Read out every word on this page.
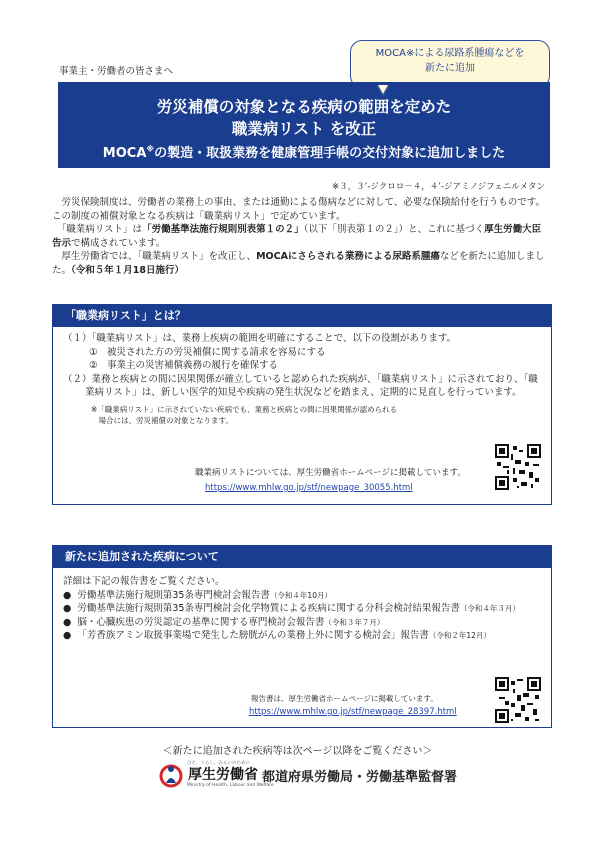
事業主・労働者の皆さまへ
MOCA※による尿路系腫瘍などを
新たに追加
労災補償の対象となる疾病の範囲を定めた
職業病リスト を改正
MOCA※の製造・取扱業務を健康管理手帳の交付対象に追加しました
※３，３’-ジクロロ－４，４’-ジアミノジフェニルメタン

　労災保険制度は、労働者の業務上の事由、または通勤による傷病などに対して、必要な保険給付を行うものです。この制度の補償対象となる疾病は「職業病リスト」で定めています。

　「職業病リスト」は「労働基準法施行規則別表第１の２」（以下「別表第１の２」）と、これに基づく厚生労働大臣告示で構成されています。

　厚生労働省では、「職業病リスト」を改正し、MOCAにさらされる業務による尿路系腫瘍などを新たに追加しました。（令和５年１月18日施行）

「職業病リスト」とは？

（１）「職業病リスト」は、業務上疾病の範囲を明確にすることで、以下の役割があります。

①　被災された方の労災補償に関する請求を容易にする

②　事業主の災害補償義務の履行を確保する

（２）業務と疾病との間に因果関係が確立していると認められた疾病が、「職業病リスト」に示されており、「職業病リスト」は、新しい医学的知見や疾病の発生状況などを踏まえ、定期的に見直しを行っています。

※「職業病リスト」に示されていない疾病でも、業務と疾病との間に因果関係が認められる

　場合には、労災補償の対象となります。

職業病リストについては、厚生労働省ホームページに掲載しています。
https://www.mhlw.go.jp/stf/newpage_30055.html
新たに追加された疾病について

詳細は下記の報告書をご覧ください。

●  労働基準法施行規則第35条専門検討会報告書（令和４年10月）

●  労働基準法施行規則第35条専門検討会化学物質による疾病に関する分科会検討結果報告書（令和４年３月）

●  脳・心臓疾患の労災認定の基準に関する専門検討会報告書（令和３年７月）

●  「芳香族アミン取扱事業場で発生した膀胱がんの業務上外に関する検討会」報告書（令和２年12月）

報告書は、厚生労働省ホームページに掲載しています。
https://www.mhlw.go.jp/stf/newpage_28397.html
＜新たに追加された疾病等は次ページ以降をご覧ください＞
ひと、くらし、みらいのために
厚生労働省
Ministry of Health, Labour and Welfare
都道府県労働局・労働基準監督署
